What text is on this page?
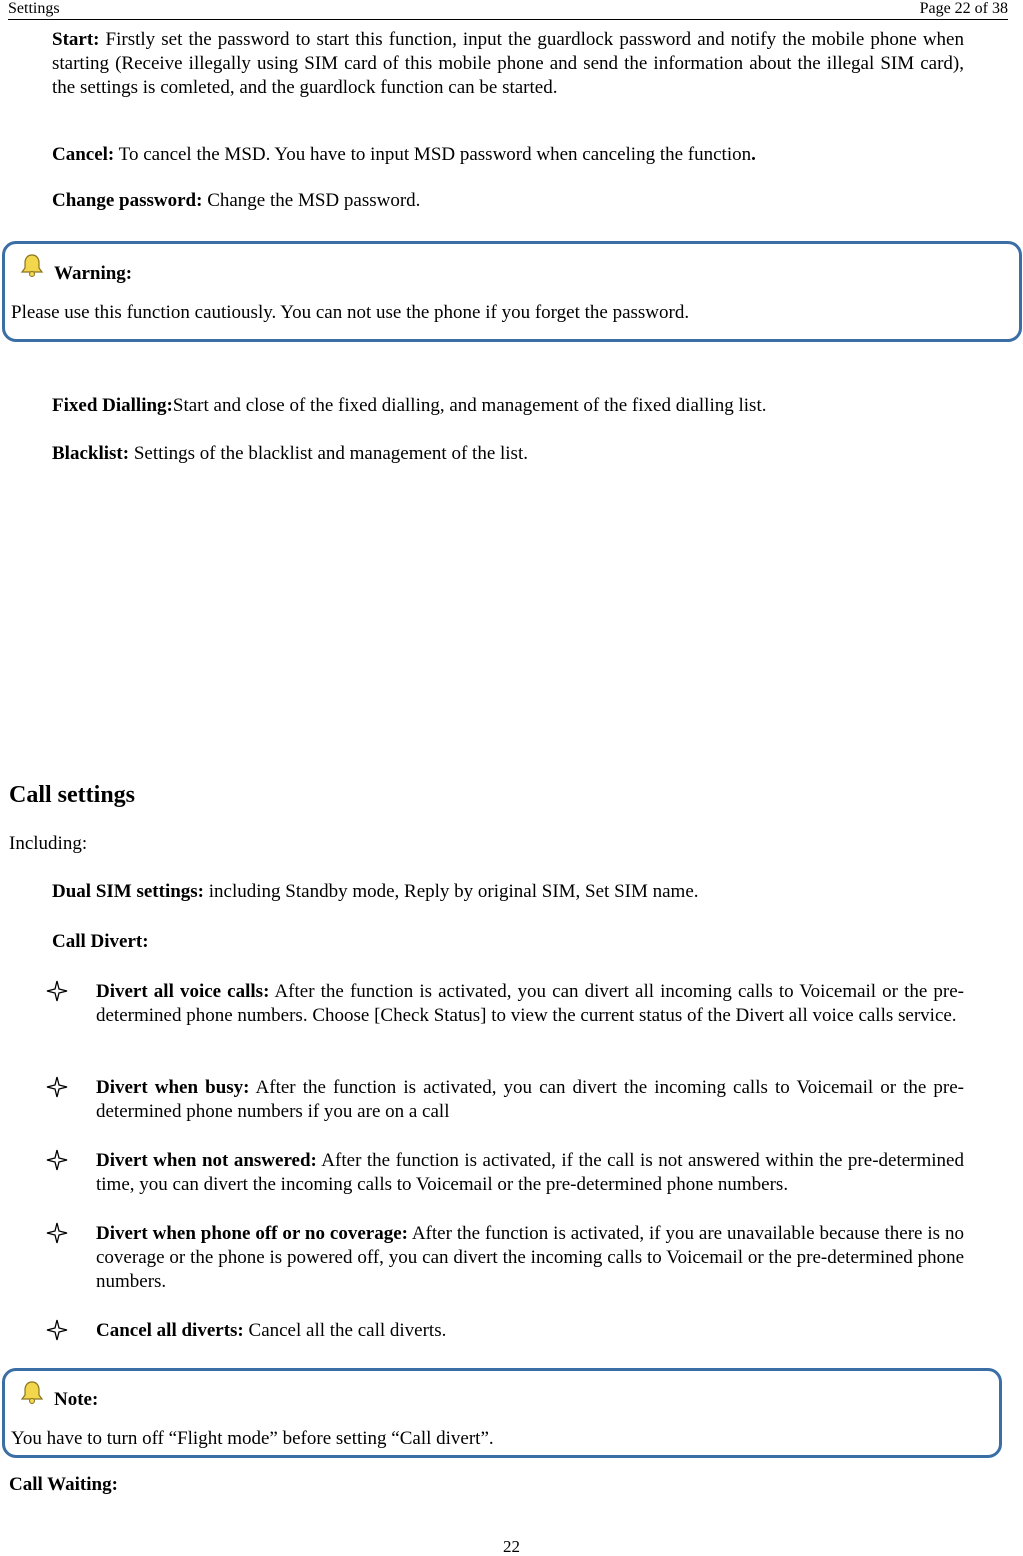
Settings	Page 22 of 38
Start: Firstly set the password to start this function, input the guardlock password and notify the mobile phone when starting (Receive illegally using SIM card of this mobile phone and send the information about the illegal SIM card), the settings is comleted, and the guardlock function can be started.
Cancel: To cancel the MSD. You have to input MSD password when canceling the function.
Change password: Change the MSD password.
Warning:
Please use this function cautiously. You can not use the phone if you forget the password.
Fixed Dialling:Start and close of the fixed dialling, and management of the fixed dialling list.
Blacklist: Settings of the blacklist and management of the list.
Call settings
Including:
Dual SIM settings: including Standby mode, Reply by original SIM, Set SIM name.
Call Divert:
Divert all voice calls: After the function is activated, you can divert all incoming calls to Voicemail or the pre-determined phone numbers. Choose [Check Status] to view the current status of the Divert all voice calls service.
Divert when busy: After the function is activated, you can divert the incoming calls to Voicemail or the pre-determined phone numbers if you are on a call
Divert when not answered: After the function is activated, if the call is not answered within the pre-determined time, you can divert the incoming calls to Voicemail or the pre-determined phone numbers.
Divert when phone off or no coverage: After the function is activated, if you are unavailable because there is no coverage or the phone is powered off, you can divert the incoming calls to Voicemail or the pre-determined phone numbers.
Cancel all diverts: Cancel all the call diverts.
Note:
You have to turn off “Flight mode” before setting “Call divert”.
Call Waiting:
22
